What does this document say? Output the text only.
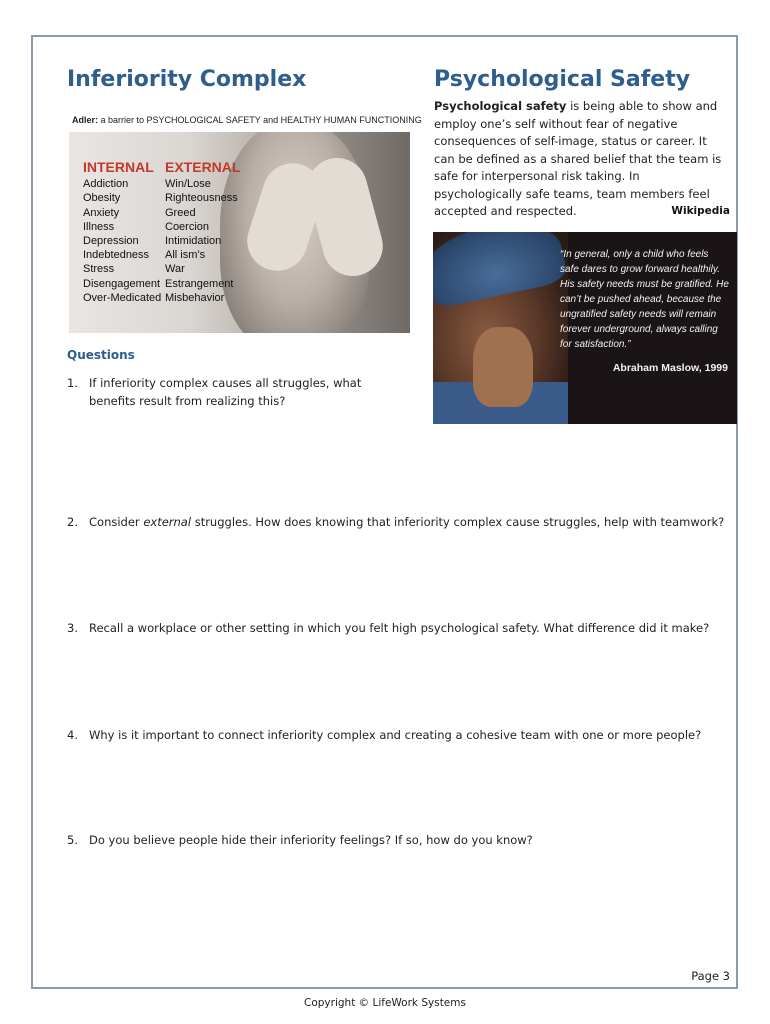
Inferiority Complex	Psychological Safety
Adler: a barrier to PSYCHOLOGICAL SAFETY and HEALTHY HUMAN FUNCTIONING
INTERNAL
Addiction
Obesity
Anxiety
Illness
Depression
Indebtedness
Stress
Disengagement
Over-Medicated
EXTERNAL
Win/Lose
Righteousness
Greed
Coercion
Intimidation
All ism’s
War
Estrangement
Misbehavior
Psychological safety is being able to show and employ one’s self without fear of negative consequences of self-image, status or career. It can be defined as a shared belief that the team is safe for interpersonal risk taking. In psychologically safe teams, team members feel accepted and respected.	Wikipedia
“In general, only a child who feels safe dares to grow forward healthily. His safety needs must be gratified. He can’t be pushed ahead, because the ungratified safety needs will remain forever underground, always calling for satisfaction.”
Abraham Maslow, 1999
Questions
1. If inferiority complex causes all struggles, what benefits result from realizing this?
2. Consider external struggles. How does knowing that inferiority complex cause struggles, help with teamwork?
3. Recall a workplace or other setting in which you felt high psychological safety. What difference did it make?
4. Why is it important to connect inferiority complex and creating a cohesive team with one or more people?
5. Do you believe people hide their inferiority feelings? If so, how do you know?
Page 3
Copyright © LifeWork Systems
